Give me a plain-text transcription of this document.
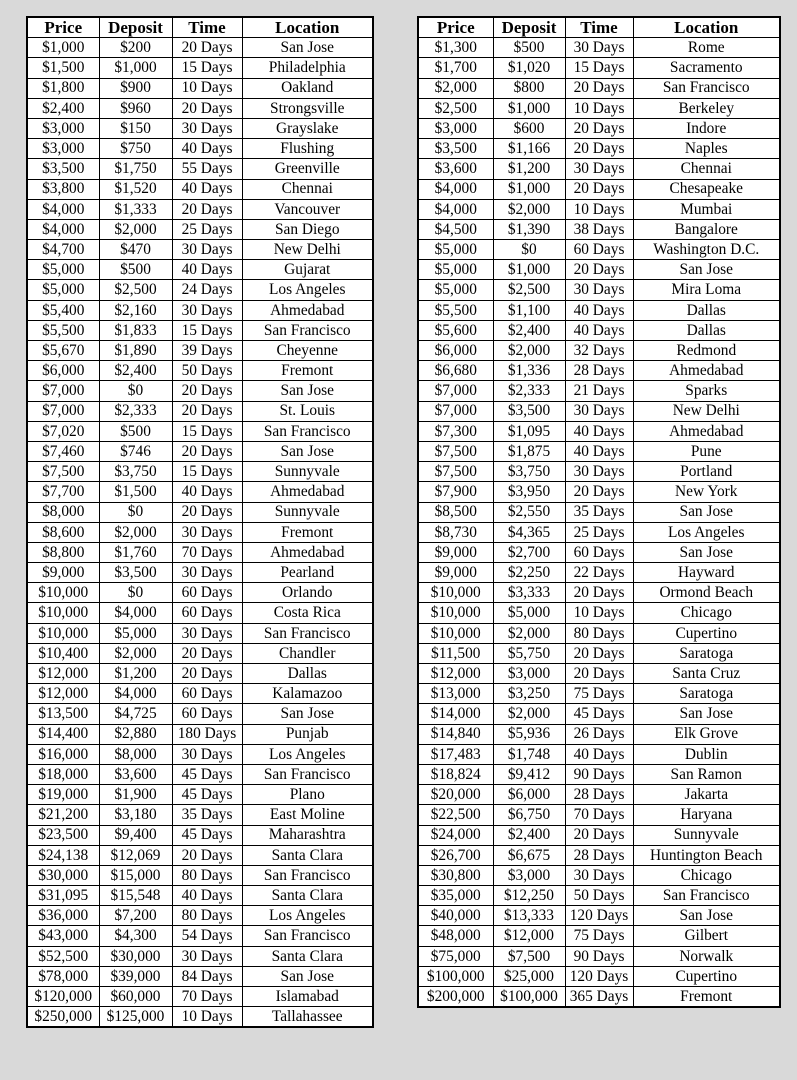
Price	Deposit	Time	Location
$1,000	$200	20 Days	San Jose
$1,500	$1,000	15 Days	Philadelphia
$1,800	$900	10 Days	Oakland
$2,400	$960	20 Days	Strongsville
$3,000	$150	30 Days	Grayslake
$3,000	$750	40 Days	Flushing
$3,500	$1,750	55 Days	Greenville
$3,800	$1,520	40 Days	Chennai
$4,000	$1,333	20 Days	Vancouver
$4,000	$2,000	25 Days	San Diego
$4,700	$470	30 Days	New Delhi
$5,000	$500	40 Days	Gujarat
$5,000	$2,500	24 Days	Los Angeles
$5,400	$2,160	30 Days	Ahmedabad
$5,500	$1,833	15 Days	San Francisco
$5,670	$1,890	39 Days	Cheyenne
$6,000	$2,400	50 Days	Fremont
$7,000	$0	20 Days	San Jose
$7,000	$2,333	20 Days	St. Louis
$7,020	$500	15 Days	San Francisco
$7,460	$746	20 Days	San Jose
$7,500	$3,750	15 Days	Sunnyvale
$7,700	$1,500	40 Days	Ahmedabad
$8,000	$0	20 Days	Sunnyvale
$8,600	$2,000	30 Days	Fremont
$8,800	$1,760	70 Days	Ahmedabad
$9,000	$3,500	30 Days	Pearland
$10,000	$0	60 Days	Orlando
$10,000	$4,000	60 Days	Costa Rica
$10,000	$5,000	30 Days	San Francisco
$10,400	$2,000	20 Days	Chandler
$12,000	$1,200	20 Days	Dallas
$12,000	$4,000	60 Days	Kalamazoo
$13,500	$4,725	60 Days	San Jose
$14,400	$2,880	180 Days	Punjab
$16,000	$8,000	30 Days	Los Angeles
$18,000	$3,600	45 Days	San Francisco
$19,000	$1,900	45 Days	Plano
$21,200	$3,180	35 Days	East Moline
$23,500	$9,400	45 Days	Maharashtra
$24,138	$12,069	20 Days	Santa Clara
$30,000	$15,000	80 Days	San Francisco
$31,095	$15,548	40 Days	Santa Clara
$36,000	$7,200	80 Days	Los Angeles
$43,000	$4,300	54 Days	San Francisco
$52,500	$30,000	30 Days	Santa Clara
$78,000	$39,000	84 Days	San Jose
$120,000	$60,000	70 Days	Islamabad
$250,000	$125,000	10 Days	Tallahassee
Price	Deposit	Time	Location
$1,300	$500	30 Days	Rome
$1,700	$1,020	15 Days	Sacramento
$2,000	$800	20 Days	San Francisco
$2,500	$1,000	10 Days	Berkeley
$3,000	$600	20 Days	Indore
$3,500	$1,166	20 Days	Naples
$3,600	$1,200	30 Days	Chennai
$4,000	$1,000	20 Days	Chesapeake
$4,000	$2,000	10 Days	Mumbai
$4,500	$1,390	38 Days	Bangalore
$5,000	$0	60 Days	Washington D.C.
$5,000	$1,000	20 Days	San Jose
$5,000	$2,500	30 Days	Mira Loma
$5,500	$1,100	40 Days	Dallas
$5,600	$2,400	40 Days	Dallas
$6,000	$2,000	32 Days	Redmond
$6,680	$1,336	28 Days	Ahmedabad
$7,000	$2,333	21 Days	Sparks
$7,000	$3,500	30 Days	New Delhi
$7,300	$1,095	40 Days	Ahmedabad
$7,500	$1,875	40 Days	Pune
$7,500	$3,750	30 Days	Portland
$7,900	$3,950	20 Days	New York
$8,500	$2,550	35 Days	San Jose
$8,730	$4,365	25 Days	Los Angeles
$9,000	$2,700	60 Days	San Jose
$9,000	$2,250	22 Days	Hayward
$10,000	$3,333	20 Days	Ormond Beach
$10,000	$5,000	10 Days	Chicago
$10,000	$2,000	80 Days	Cupertino
$11,500	$5,750	20 Days	Saratoga
$12,000	$3,000	20 Days	Santa Cruz
$13,000	$3,250	75 Days	Saratoga
$14,000	$2,000	45 Days	San Jose
$14,840	$5,936	26 Days	Elk Grove
$17,483	$1,748	40 Days	Dublin
$18,824	$9,412	90 Days	San Ramon
$20,000	$6,000	28 Days	Jakarta
$22,500	$6,750	70 Days	Haryana
$24,000	$2,400	20 Days	Sunnyvale
$26,700	$6,675	28 Days	Huntington Beach
$30,800	$3,000	30 Days	Chicago
$35,000	$12,250	50 Days	San Francisco
$40,000	$13,333	120 Days	San Jose
$48,000	$12,000	75 Days	Gilbert
$75,000	$7,500	90 Days	Norwalk
$100,000	$25,000	120 Days	Cupertino
$200,000	$100,000	365 Days	Fremont
